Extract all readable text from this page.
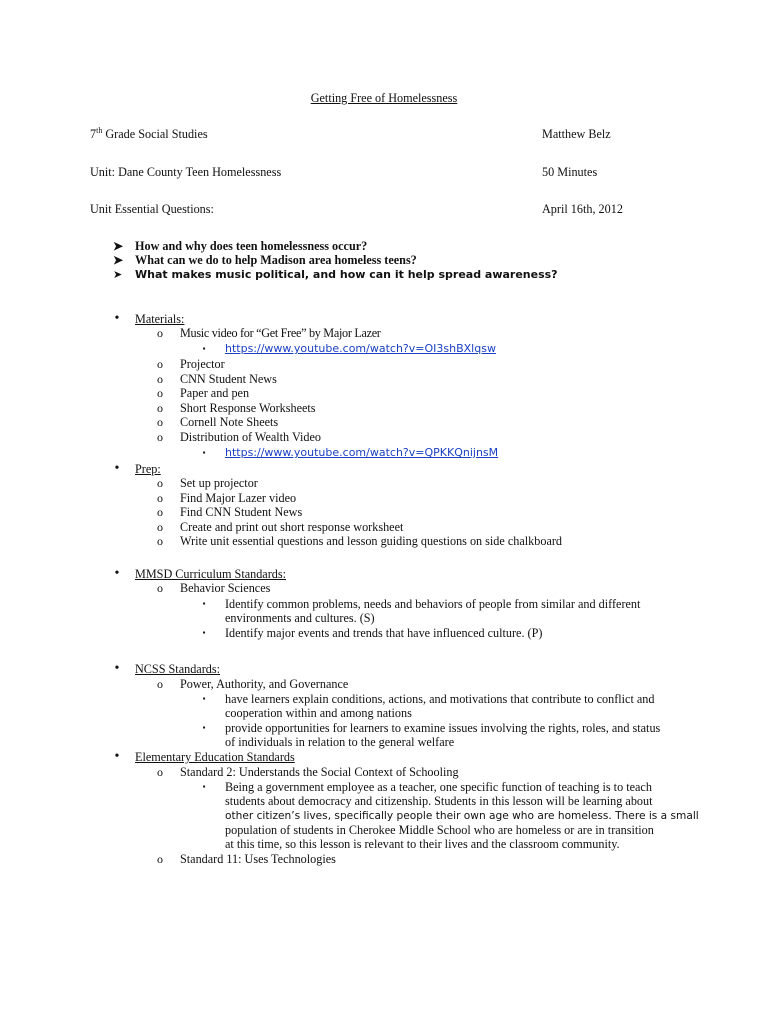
Getting Free of Homelessness
7th Grade Social Studies	Matthew Belz
Unit: Dane County Teen Homelessness	50 Minutes
Unit Essential Questions:	April 16th, 2012
➤ How and why does teen homelessness occur?
➤ What can we do to help Madison area homeless teens?
➤ What makes music political, and how can it help spread awareness?
• Materials:
o Music video for “Get Free” by Major Lazer
▪	https://www.youtube.com/watch?v=OI3shBXlqsw
o Projector
o CNN Student News
o Paper and pen
o Short Response Worksheets
o Cornell Note Sheets
o Distribution of Wealth Video
▪	https://www.youtube.com/watch?v=QPKKQnijnsM
• Prep:
o Set up projector
o Find Major Lazer video
o Find CNN Student News
o Create and print out short response worksheet
o Write unit essential questions and lesson guiding questions on side chalkboard
• MMSD Curriculum Standards:
o Behavior Sciences
▪ Identify common problems, needs and behaviors of people from similar and different
environments and cultures. (S)
▪ Identify major events and trends that have influenced culture. (P)
• NCSS Standards:
o Power, Authority, and Governance
▪ have learners explain conditions, actions, and motivations that contribute to conflict and
cooperation within and among nations
▪ provide opportunities for learners to examine issues involving the rights, roles, and status
of individuals in relation to the general welfare
• Elementary Education Standards
o Standard 2: Understands the Social Context of Schooling
▪ Being a government employee as a teacher, one specific function of teaching is to teach
students about democracy and citizenship. Students in this lesson will be learning about
other citizen’s lives, specifically people their own age who are homeless. There is a small
population of students in Cherokee Middle School who are homeless or are in transition
at this time, so this lesson is relevant to their lives and the classroom community.
o Standard 11: Uses Technologies
